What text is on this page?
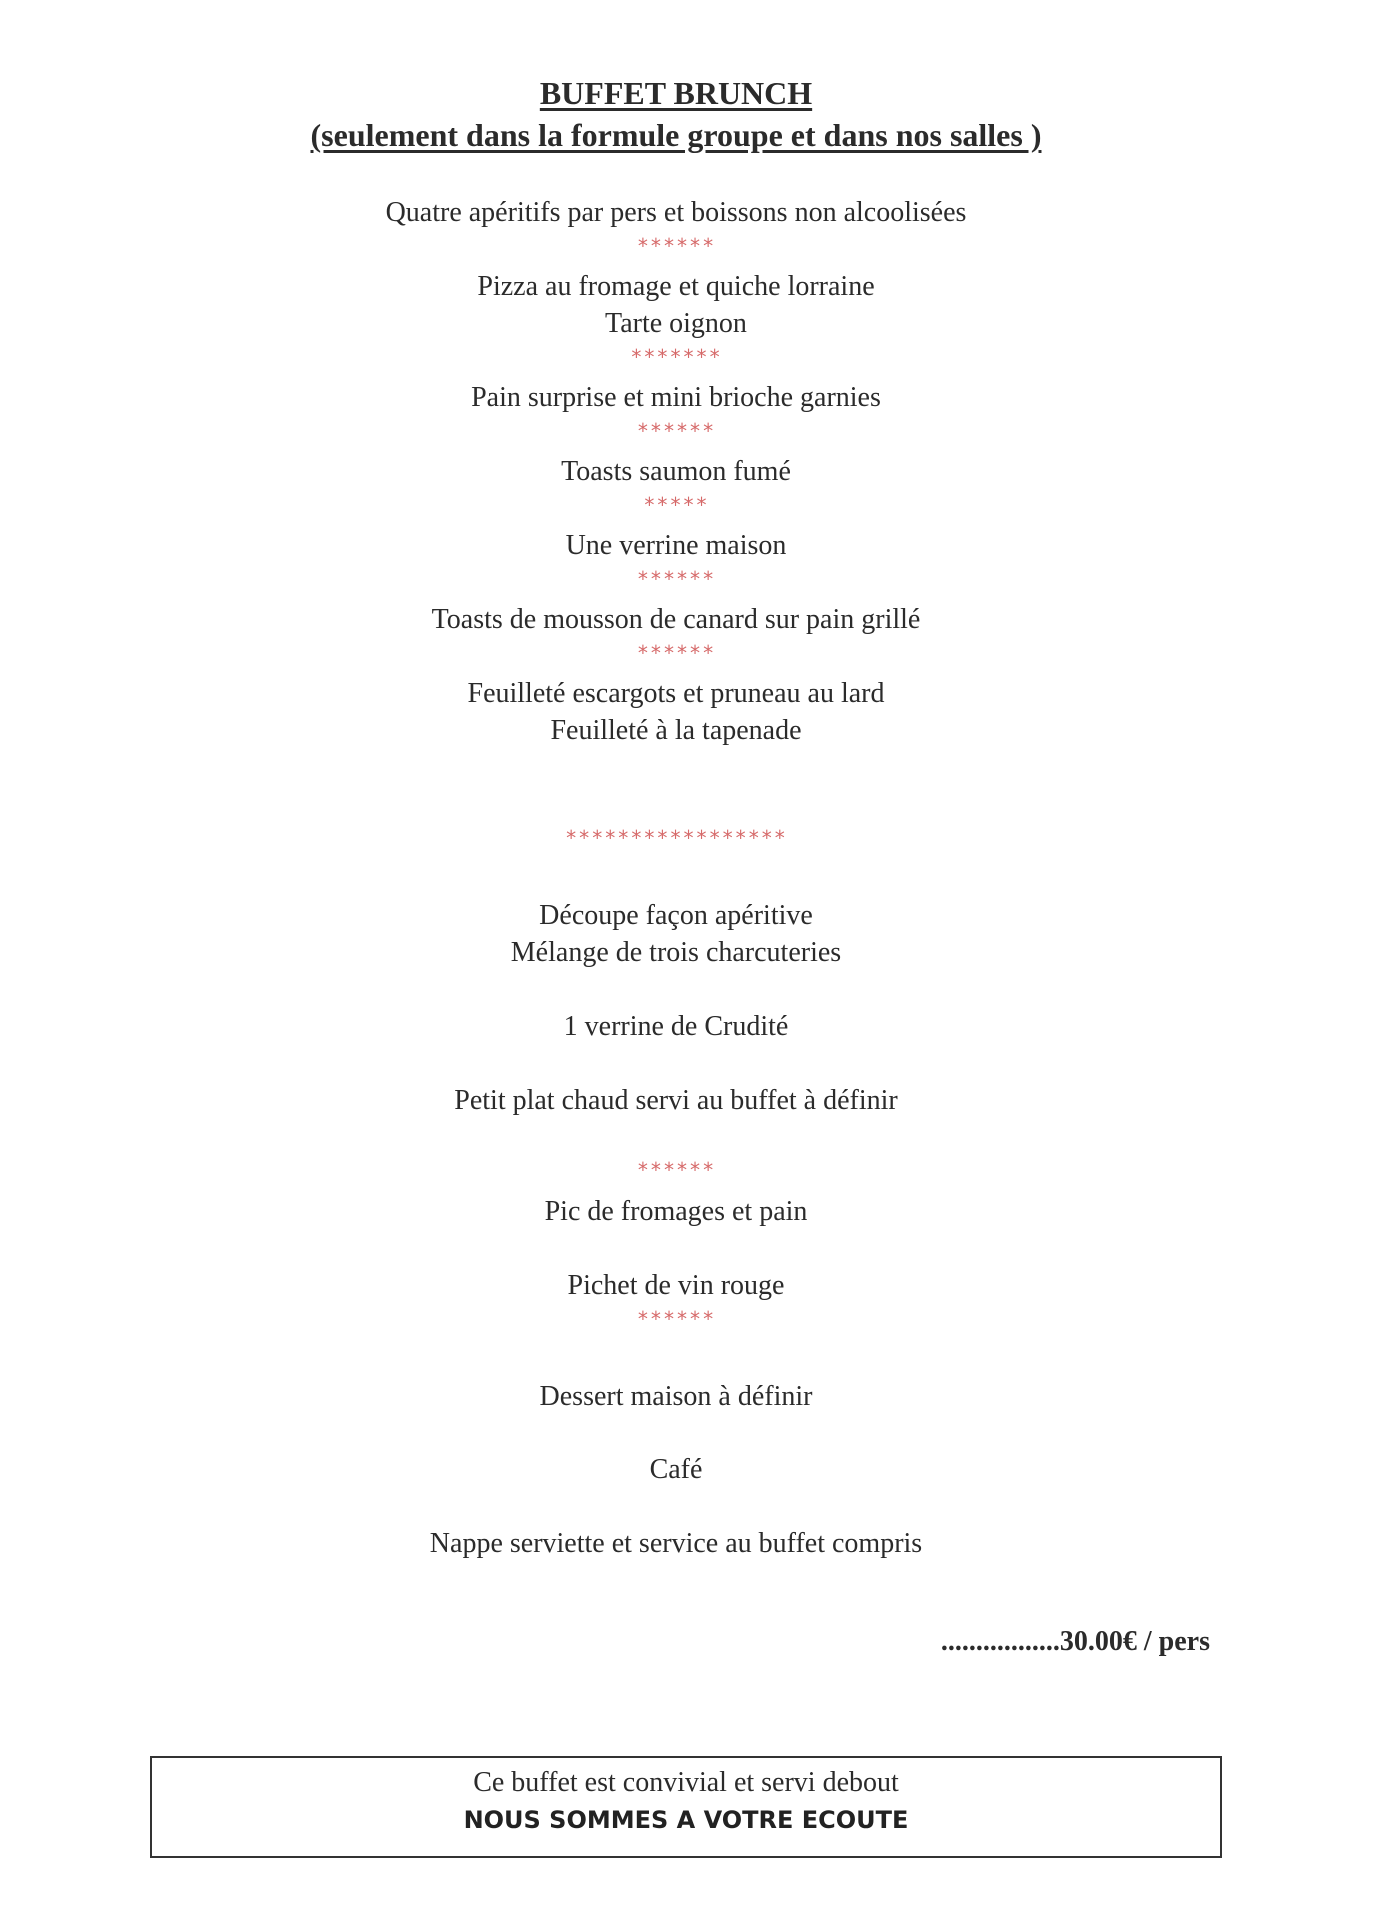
BUFFET BRUNCH
(seulement dans la formule groupe et dans nos salles )
Quatre apéritifs par pers et boissons non alcoolisées
******
Pizza au fromage et quiche lorraine
Tarte oignon
*******
Pain surprise et mini brioche garnies
******
Toasts saumon fumé
*****
Une verrine maison
******
Toasts de mousson de canard sur pain grillé
******
Feuilleté escargots et pruneau au lard
Feuilleté à la tapenade
*****************
Découpe façon apéritive
Mélange de trois charcuteries
1 verrine de Crudité
Petit plat chaud servi au buffet à définir
******
Pic de fromages et pain
Pichet de vin rouge
******
Dessert maison à définir
Café
Nappe serviette et service au buffet compris
.................30.00€ / pers
Ce buffet est convivial et servi debout
NOUS SOMMES A VOTRE ECOUTE
